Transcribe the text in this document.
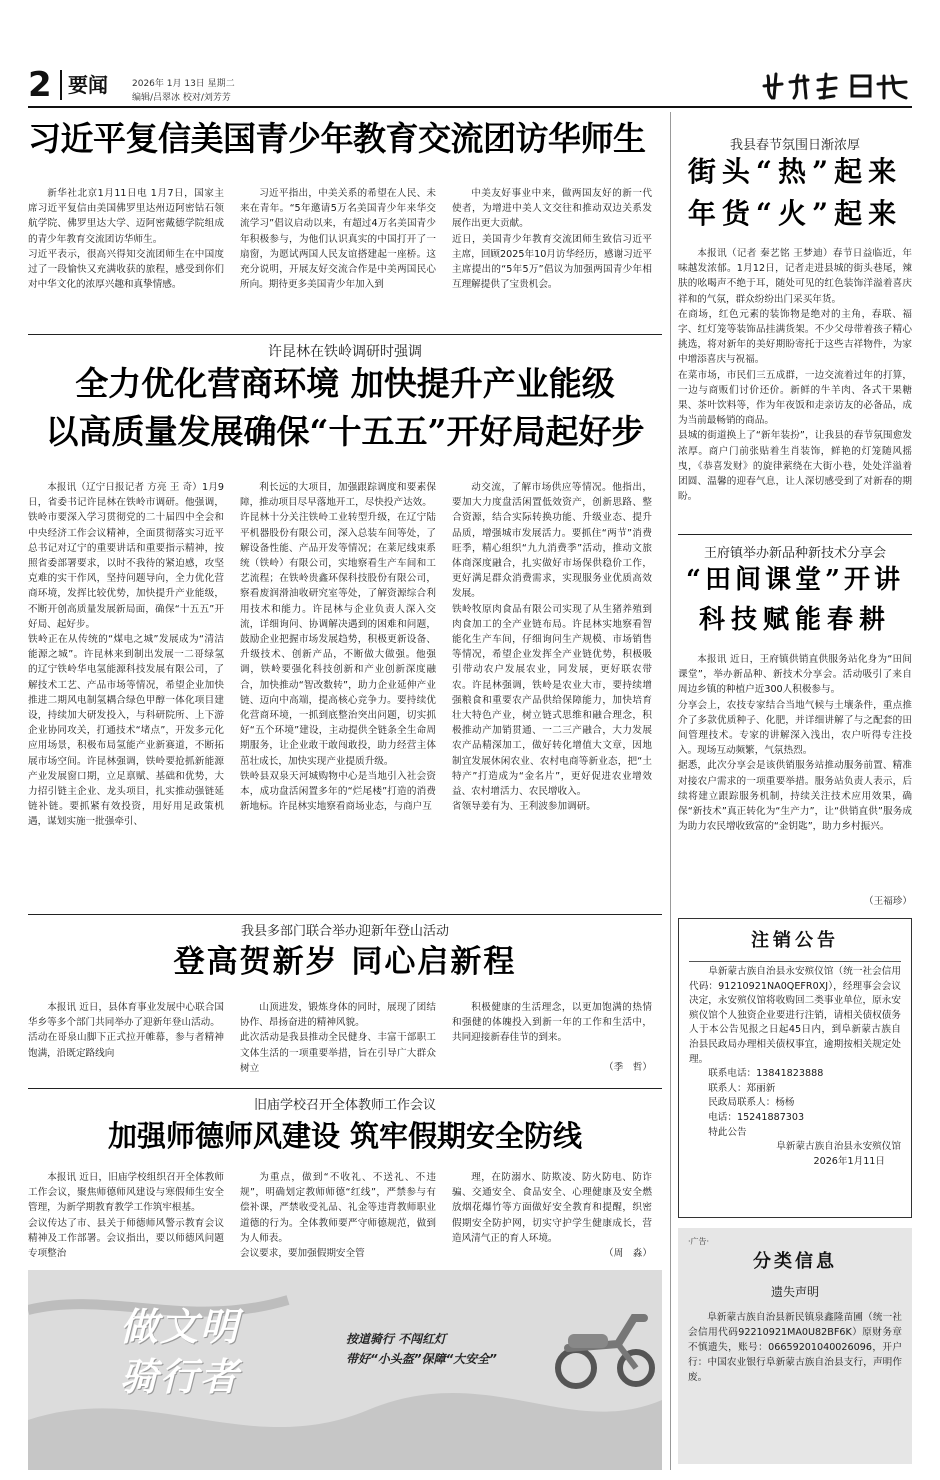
2 要闻	2026年 1月 13日 星期二
编辑/吕翠冰 校对/刘芳芳
习近平复信美国青少年教育交流团访华师生
新华社北京1月11日电 1月7日，国家主席习近平复信由美国佛罗里达州迈阿密钻石领航学院、佛罗里达大学、迈阿密戴德学院组成的青少年教育交流团访华师生。
习近平表示，很高兴得知交流团师生在中国度过了一段愉快又充满收获的旅程，感受到你们对中华文化的浓厚兴趣和真挚情感。
习近平指出，中美关系的希望在人民、未来在青年。“5年邀请5万名美国青少年来华交流学习”倡议启动以来，有超过4万名美国青少年积极参与，为他们认识真实的中国打开了一扇窗，为愿试两国人民友谊搭建起一座桥。这充分说明，开展友好交流合作是中美两国民心所向。期待更多美国青少年加入到
中美友好事业中来，做两国友好的新一代使者，为增进中美人文交往和推动双边关系发展作出更大贡献。
近日，美国青少年教育交流团师生致信习近平主席，回顾2025年10月访华经历，感谢习近平主席提出的“5年5万”倡议为加强两国青少年相互理解提供了宝贵机会。
许昆林在铁岭调研时强调
全力优化营商环境 加快提升产业能级
以高质量发展确保“十五五”开好局起好步
本报讯（辽宁日报记者 方亮 王 奇）1月9日，省委书记许昆林在铁岭市调研。他强调，铁岭市要深入学习贯彻党的二十届四中全会和中央经济工作会议精神，全面贯彻落实习近平总书记对辽宁的重要讲话和重要指示精神，按照省委部署要求，以时不我待的紧迫感，攻坚克难的实干作风，坚持问题导向，全力优化营商环境，发挥比较优势，加快提升产业能级，不断开创高质量发展新局面，确保“十五五”开好局、起好步。
铁岭正在从传统的“煤电之城”发展成为“清洁能源之城”。许昆林来到制出发展一二哥绿氢的辽宁铁岭华电氢能源科技发展有限公司，了解技术工艺、产品市场等情况，希望企业加快推进二期风电制氢耦合绿色甲醇一体化项目建设，持续加大研发投入，与科研院所、上下游企业协同攻关，打通技术“堵点”，开发多元化应用场景，积极布局氢能产业新赛道，不断拓展市场空间。许昆林强调，铁岭要抢抓新能源产业发展窗口期，立足禀赋、基础和优势，大力招引链主企业、龙头项目，扎实推动强链延链补链。要抓紧有效投资，用好用足政策机遇，谋划实施一批强牵引、
利长远的大项目，加强跟踪调度和要素保障，推动项目尽早落地开工，尽快投产达效。
许昆林十分关注铁岭工业转型升级，在辽宁陆平机器股份有限公司，深入总装车间等处，了解设备性能、产品开发等情况；在莱尼线束系统（铁岭）有限公司，实地察看生产车间和工艺流程；在铁岭贵鑫环保科技股份有限公司，察看废润滑油收研究室等处，了解资源综合利用技术和能力。许昆林与企业负责人深入交流，详细询问、协调解决遇到的困难和问题，鼓励企业把握市场发展趋势，积极更新设备、升级技术、创新产品，不断做大做强。他强调，铁岭要强化科技创新和产业创新深度融合，加快推动“智改数转”，助力企业延伸产业链、迈向中高端，提高核心竞争力。要持续优化营商环境，一抓到底整治突出问题，切实抓好“五个环境”建设，主动提供全链条全生命周期服务，让企业敢干敢闯敢投，助力经营主体茁壮成长，加快实现产业提质升级。
铁岭县双泉天河城购物中心是当地引入社会资本，成功盘活闲置多年的“烂尾楼”打造的消费新地标。许昆林实地察看商场业态，与商户互
动交流，了解市场供应等情况。他指出，要加大力度盘活闲置低效资产，创新思路、整合资源，结合实际转换功能、升级业态、提升品质，增强城市发展活力。要抓住“两节”消费旺季，精心组织“九九消费季”活动，推动文旅体商深度融合，扎实做好市场保供稳价工作，更好满足群众消费需求，实现服务业优质高效发展。
铁岭牧原肉食品有限公司实现了从生猪养殖到肉食加工的全产业链布局。许昆林实地察看智能化生产车间，仔细询问生产规模、市场销售等情况，希望企业发挥全产业链优势，积极吸引带动农户发展农业，同发展，更好联农带农。许昆林强调，铁岭是农业大市，要持续增强粮食和重要农产品供给保障能力，加快培育壮大特色产业，树立链式思维和融合理念，积极推动产加销贯通、一二三产融合，大力发展农产品精深加工，做好转化增值大文章，因地制宜发展休闲农业、农村电商等新业态，把“土特产”打造成为“金名片”，更好促进农业增效益、农村增活力、农民增收入。
省领导姜有为、王利波参加调研。
我县多部门联合举办迎新年登山活动
登高贺新岁 同心启新程
本报讯 近日，县体育事业发展中心联合国华乡等多个部门共同举办了迎新年登山活动。
活动在哥泉山脚下正式拉开帷幕，参与者精神饱满，沿既定路线向
山顶进发，锻炼身体的同时，展现了团结协作、昂扬奋进的精神风貌。
此次活动是我县推动全民健身、丰富干部职工文体生活的一项重要举措，旨在引导广大群众树立
积极健康的生活理念，以更加饱满的热情和强健的体魄投入到新一年的工作和生活中，共同迎接新春佳节的到来。
（季　哲）
旧庙学校召开全体教师工作会议
加强师德师风建设 筑牢假期安全防线
本报讯 近日，旧庙学校组织召开全体教师工作会议，聚焦师德师风建设与寒假师生安全管理，为新学期教育教学工作筑牢根基。
会议传达了市、县关于师德师风警示教育会议精神及工作部署。会议指出，要以师德风问题专项整治
为重点，做到“不收礼、不送礼、不违规”，明确划定教师师德“红线”，严禁参与有偿补课，严禁收受礼品、礼金等违背教师职业道德的行为。全体教师要严守师德规范，做到为人师表。
会议要求，要加强假期安全管
理，在防溺水、防欺凌、防火防电、防诈骗、交通安全、食品安全、心理健康及安全燃放烟花爆竹等方面做好安全教育和提醒，织密假期安全防护网，切实守护学生健康成长，营造风清气正的育人环境。
（周　淼）
做文明
骑行者
按道骑行 不闯红灯
带好“小头盔”保障“大安全”
我县春节氛围日渐浓厚
街头“热”起来
年货“火”起来
本报讯（记者 秦艺铭 王梦迪）春节日益临近，年味越发浓郁。1月12日，记者走进县城的街头巷尾，辣肤的吆喝声不绝于耳，随处可见的红色装饰洋溢着喜庆祥和的气氛，群众纷纷出门采买年货。
在商场，红色元素的装饰物是绝对的主角，春联、福字、红灯笼等装饰品挂满货架。不少父母带着孩子精心挑选，将对新年的美好期盼寄托于这些吉祥物件，为家中增添喜庆与祝福。
在菜市场，市民们三五成群，一边交流着过年的打算，一边与商贩们讨价还价。新鲜的牛羊肉、各式干果糖果、茶叶饮料等，作为年夜饭和走亲访友的必备品，成为当前最畅销的商品。
县城的街道换上了“新年装扮”，让我县的春节氛围愈发浓厚。商户门前张贴着生肖装饰，鲜艳的灯笼随风摇曳，《恭喜发财》的旋律萦绕在大街小巷，处处洋溢着团圆、温馨的迎春气息，让人深切感受到了对新春的期盼。
王府镇举办新品种新技术分享会
“田间课堂”开讲
科技赋能春耕
本报讯 近日，王府镇供销直供服务站化身为“田间课堂”，举办新品种、新技术分享会。活动吸引了来自周边乡镇的种植户近300人积极参与。
分享会上，农技专家结合当地气候与土壤条件，重点推介了多款优质种子、化肥，并详细讲解了与之配套的田间管理技术。专家的讲解深入浅出，农户听得专注投入。现场互动频繁，气氛热烈。
据悉，此次分享会是该供销服务站推动服务前置、精准对接农户需求的一项重要举措。服务站负责人表示，后续将建立跟踪服务机制，持续关注技术应用效果，确保“新技术”真正转化为“生产力”，让“供销直供”服务成为助力农民增收致富的“金钥匙”，助力乡村振兴。
（王福珍）
注销公告
阜新蒙古族自治县永安殡仪馆（统一社会信用代码：91210921NA0QEFR0XJ），经理事会会议决定，永安殡仪馆将收购回二类事业单位，原永安殡仪馆个人独资企业要进行注销，请相关债权债务人于本公告见报之日起45日内，到阜新蒙古族自治县民政局办理相关债权事宜，逾期按相关规定处理。
联系电话：13841823888
联系人：郑丽新
民政局联系人：杨杨
电话：15241887303
特此公告
阜新蒙古族自治县永安殡仪馆
2026年1月11日
·广告·
分类信息
遗失声明
阜新蒙古族自治县新民镇泉鑫隆苗圃（统一社会信用代码92210921MA0U82BF6K）原财务章不慎遗失，账号：0665920104002609​6，开户行：中国农业银行阜新蒙古族自治县支行，声明作废。
